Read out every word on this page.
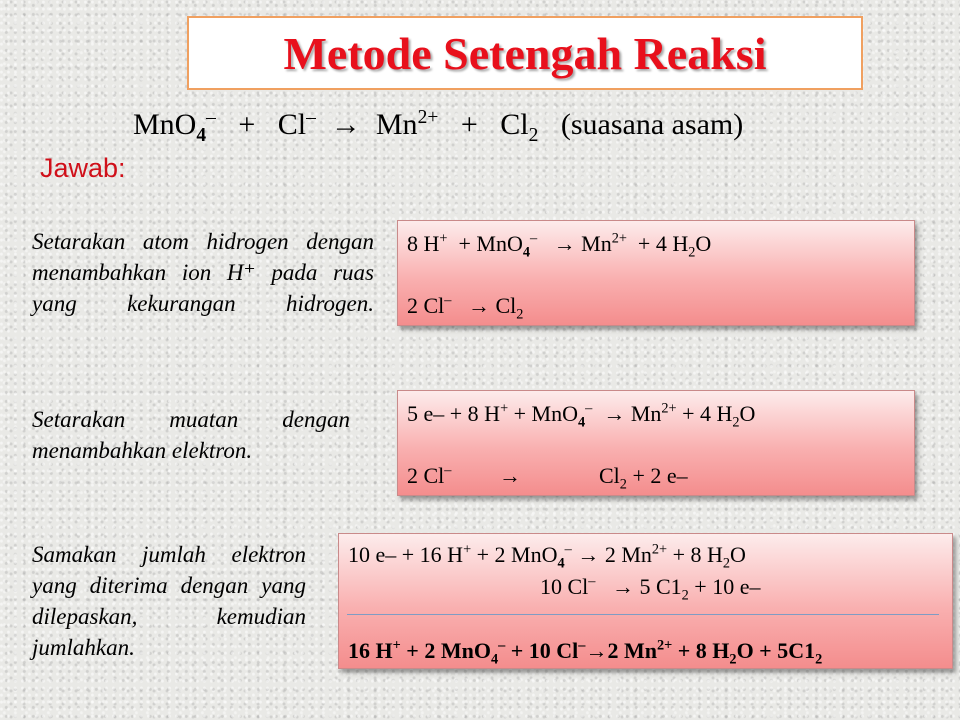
Metode Setengah Reaksi
$MnO_4^- + Cl^- \to Mn^{2+} + Cl_2$ (suasana asam)
Jawab:
Setarakan atom hidrogen dengan menambahkan ion H⁺ pada ruas yang kekurangan hidrogen.
8 $H^+ + MnO_4^- \to Mn^{2+} + 4$ $H_2O$
2 $Cl^- \to Cl_2$
Setarakan muatan dengan menambahkan elektron.
5 e– + 8 $H^+ + MnO_4^- \to Mn^{2+} + 4$ $H_2O$
2 Cl– →	$Cl_2 + 2$ e–
Samakan jumlah elektron yang diterima dengan yang dilepaskan, kemudian jumlahkan.
10 e– + 16 H+ + 2 MnO$_4$– → 2 $Mn^{2+} + 8$ $H_2O$
10 Cl– → 5 $C1_2 + 10$ e–
16 H+ + 2 MnO$_4$– + 10 Cl–→2 $Mn^{2+} + 8$ $H_2O + 5C1_2$
